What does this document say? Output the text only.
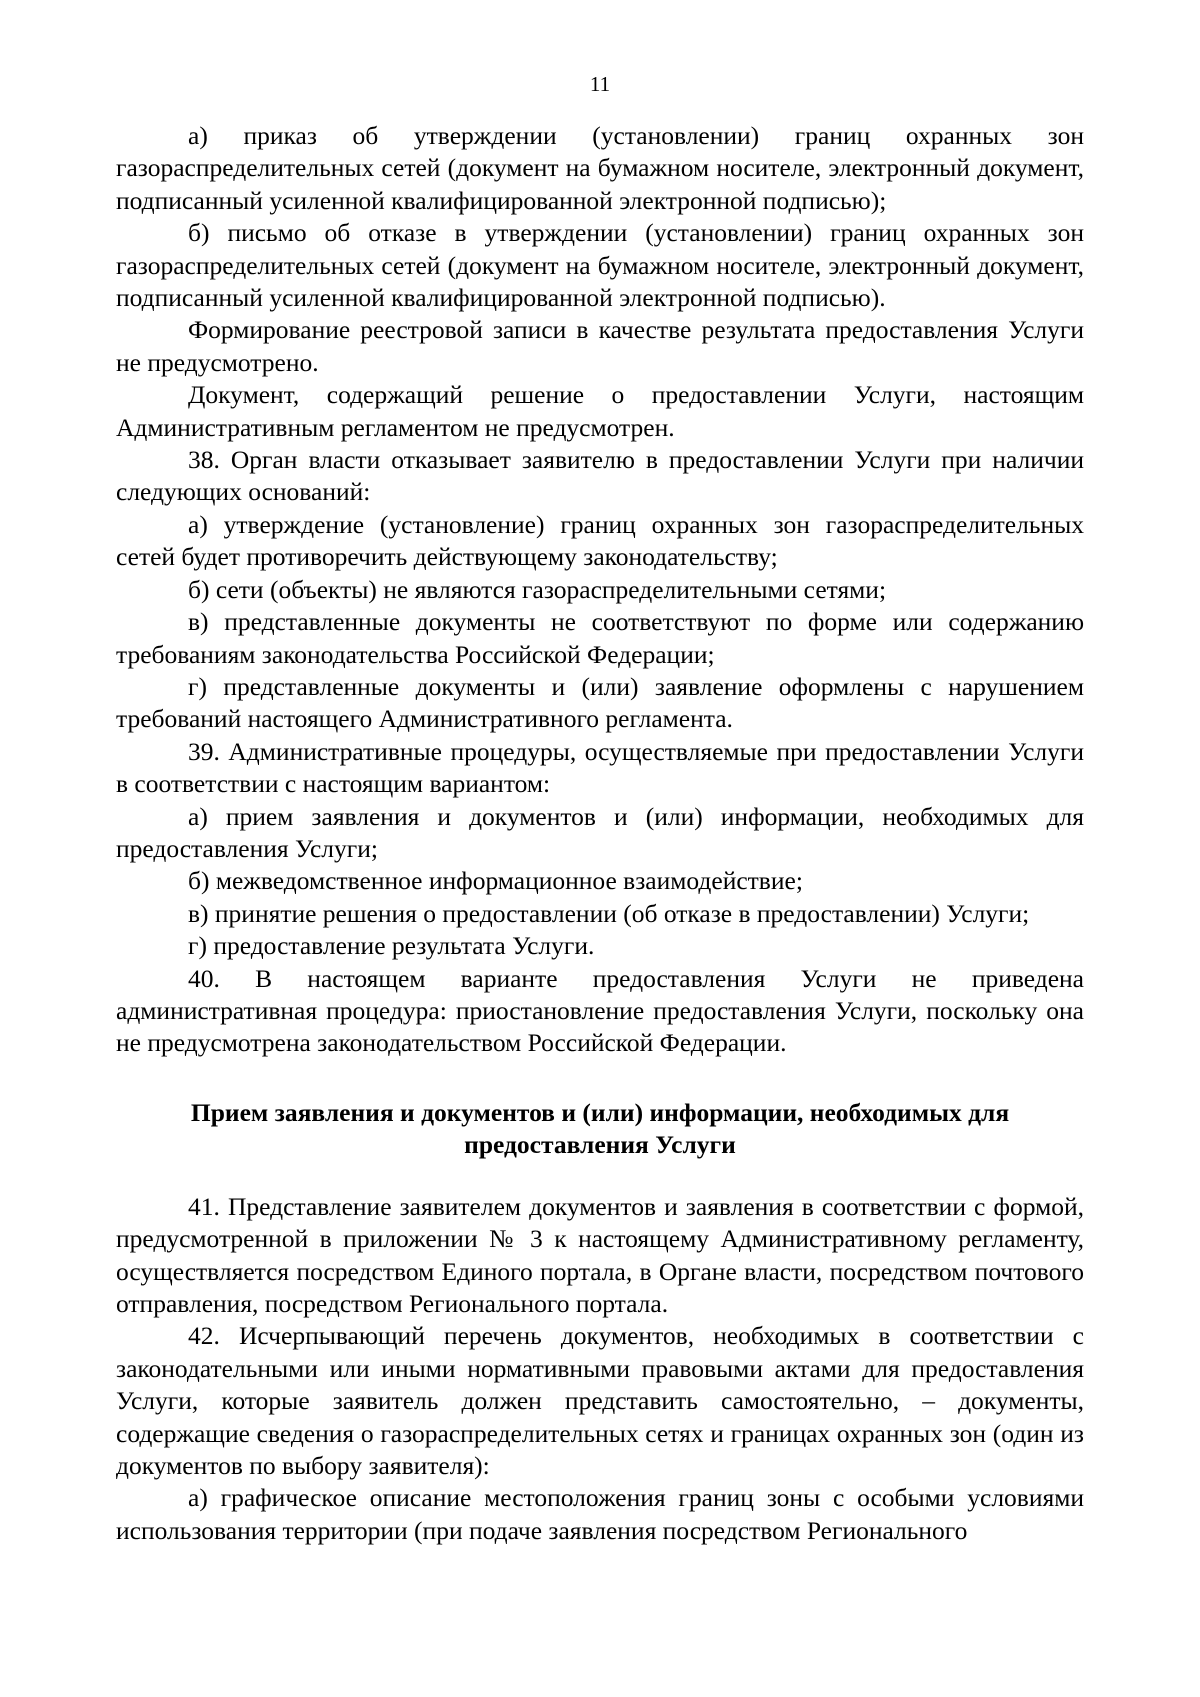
11

а) приказ об утверждении (установлении) границ охранных зон газораспределительных сетей (документ на бумажном носителе, электронный документ, подписанный усиленной квалифицированной электронной подписью);

б) письмо об отказе в утверждении (установлении) границ охранных зон газораспределительных сетей (документ на бумажном носителе, электронный документ, подписанный усиленной квалифицированной электронной подписью).

Формирование реестровой записи в качестве результата предоставления Услуги не предусмотрено.

Документ, содержащий решение о предоставлении Услуги, настоящим Административным регламентом не предусмотрен.

38. Орган власти отказывает заявителю в предоставлении Услуги при наличии следующих оснований:

а) утверждение (установление) границ охранных зон газораспределительных сетей будет противоречить действующему законодательству;

б) сети (объекты) не являются газораспределительными сетями;

в) представленные документы не соответствуют по форме или содержанию требованиям законодательства Российской Федерации;

г) представленные документы и (или) заявление оформлены с нарушением требований настоящего Административного регламента.

39. Административные процедуры, осуществляемые при предоставлении Услуги в соответствии с настоящим вариантом:

а) прием заявления и документов и (или) информации, необходимых для предоставления Услуги;

б) межведомственное информационное взаимодействие;

в) принятие решения о предоставлении (об отказе в предоставлении) Услуги;

г) предоставление результата Услуги.

40. В настоящем варианте предоставления Услуги не приведена административная процедура: приостановление предоставления Услуги, поскольку она не предусмотрена законодательством Российской Федерации.

Прием заявления и документов и (или) информации, необходимых для
предоставления Услуги

41. Представление заявителем документов и заявления в соответствии с формой, предусмотренной в приложении № 3 к настоящему Административному регламенту, осуществляется посредством Единого портала, в Органе власти, посредством почтового отправления, посредством Регионального портала.

42. Исчерпывающий перечень документов, необходимых в соответствии с законодательными или иными нормативными правовыми актами для предоставления Услуги, которые заявитель должен представить самостоятельно, – документы, содержащие сведения о газораспределительных сетях и границах охранных зон (один из документов по выбору заявителя):

а) графическое описание местоположения границ зоны с особыми условиями использования территории (при подаче заявления посредством Регионального
